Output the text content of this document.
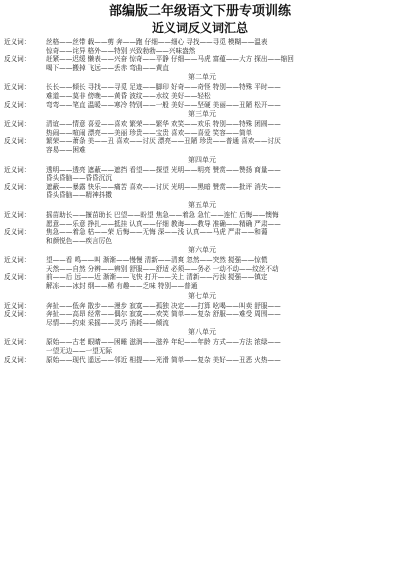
部编版二年级语文下册专项训练
近义词反义词汇总
近义词：	丝格——丝带 载——剪 奔——跑 仔细——细心 寻找——寻觅 模糊——温表
惊奇——诧异 格外——特别 兴致勃勃——兴味盎然
反义词：	赶紧——迟缓 懒表——兴奋 惊奇——平静 仔细——马虎 富蕴——大方 探出——缩回
喝下——搬掉 飞远——丢赤 弯曲——黄直
第二单元
近义词：	长长——倾长 寻找——寻觅 足迹——脚印 好奇——奇怪 特别——特殊 平时——
难道——莫非 傍晚——黄昏 波纹——水纹 美好——轻松
反义词：	弯弯——笔直 温暖——寒冷 特别——一般 美好——坚硬 美丽——丑陋 松开——
第三单元
近义词：	清谊——情意 喜爱——喜欢 繁荣——繁华 欢笑——欢乐 特别——特殊 团圆——
热闹——喧闹 漂亮——美丽 珍贵——宝贵 喜欢——喜爱 笑容——简单
反义词：	繁荣——萧条 美——丑 喜欢——讨厌 漂亮——丑陋 珍贵——普通 喜欢——讨厌
容易——困难
第四单元
近义词：	透明——透亮 遮蔽——遮挡 看望——探望 光明——明亮 赞赏——赞扬 商量——
昏头昏脑——昏昏沉沉
反义词：	遮蔽——暴露 快乐——痛苦 喜欢——讨厌 光明——黑暗 赞赏——批评 消失——
昏头昏脑——精神抖擞
第五单元
近义词：	摇苗助长——揠苗助长 巴望——盼望 焦急——着急 急忙——连忙 后悔——懊悔
愿意——乐意 挣扎——抵挂 认真——仔细 教诲——教导 准确——精确 严肃——
反义词：	焦急——着急 枯——荣 后悔——无悔 深——浅 认真——马虎 严肃——和蔼
和颜悦色——疾言厉色
第六单元
近义词：	望——看 鸣——叫 渐渐——慢慢 清新——清爽 忽然——突然 搅强——惊慌
天然——自然 分辨——辨别 舒服——舒适 必须——务必 一动不动——纹丝不动
反义词：	前——后 远——近 渐渐——飞快 打开——关上 清新——污浊 搅强——镇定
解冻——冰封 纲——稀 有趣——乏味 特别——普通
第七单元
近义词：	奔扯——低奔 散步——漫步 寂寞——孤独 决定——打算 吆喝——叫卖 舒服——
反义词：	奔扯——高昂 经常——偶尔 寂寞——欢笑 简单——复杂 舒服——难受 周围——
尽情——约束 采摇——灵巧 消耗——倾流
第八单元
近义词：	原始——古老 眼睛——困睡 滋润——滋养 年纪——年龄 方式——方法 浓绿——
一望无边——一望无际
反义词：	原始——现代 遥远——邻近 相提——光滑 简单——复杂 美好——丑恶 火热——
